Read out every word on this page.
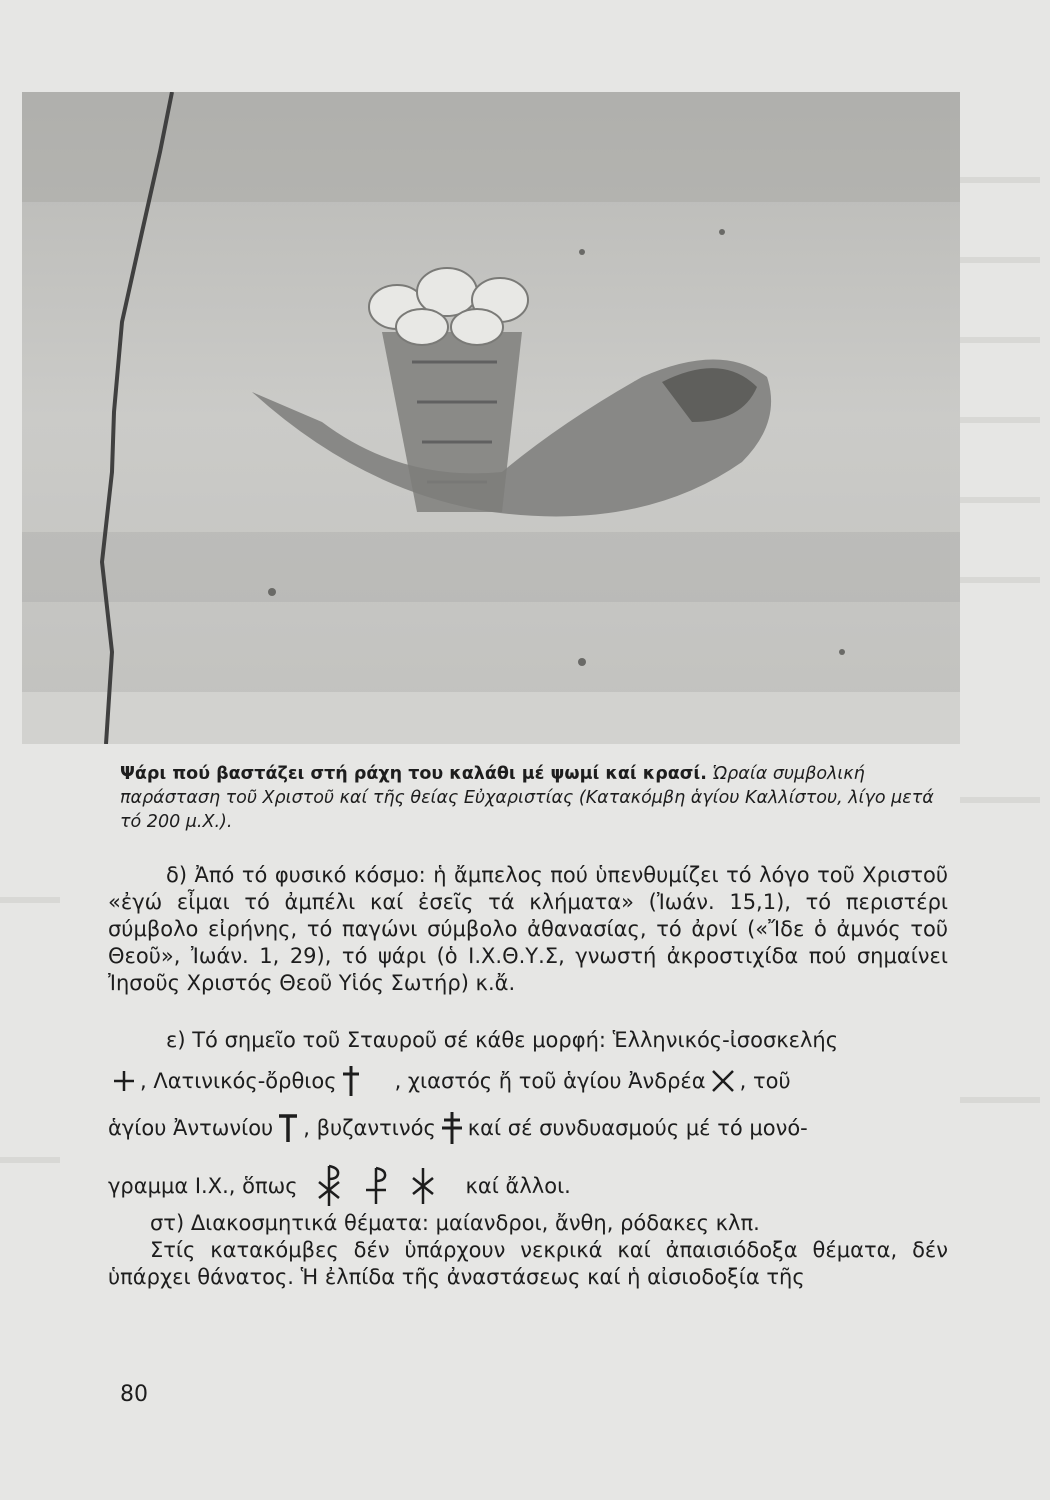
Ψάρι πού βαστάζει στή ράχη του καλάθι μέ ψωμί καί κρασί. Ὡραία συμβολική παράσταση τοῦ Χριστοῦ καί τῆς θείας Εὐχαριστίας (Κατακόμβη ἁγίου Καλλίστου, λίγο μετά τό 200 μ.Χ.).

δ) Ἀπό τό φυσικό κόσμο: ἡ ἄμπελος πού ὑπενθυμίζει τό λόγο τοῦ Χριστοῦ «ἐγώ εἶμαι τό ἀμπέλι καί ἐσεῖς τά κλήματα» (Ἰωάν. 15,1), τό περιστέρι σύμβολο εἰρήνης, τό παγώνι σύμβολο ἀθανασίας, τό ἀρνί («Ἴδε ὁ ἀμνός τοῦ Θεοῦ», Ἰωάν. 1, 29), τό ψάρι (ὁ Ι.Χ.Θ.Υ.Σ, γνωστή ἀκροστιχίδα πού σημαίνει Ἰησοῦς Χριστός Θεοῦ Υἱός Σωτήρ) κ.ἄ.

ε) Τό σημεῖο τοῦ Σταυροῦ σέ κάθε μορφή: Ἑλληνικός-ἰσοσκελής

, Λατινικός-ὄρθιος	, χιαστός ἤ τοῦ ἁγίου Ἀνδρέα , τοῦ
ἁγίου Ἀντωνίου , βυζαντινός καί σέ συνδυασμούς μέ τό μονό-
γραμμα Ι.Χ., ὅπως	καί ἄλλοι.

στ) Διακοσμητικά θέματα: μαίανδροι, ἄνθη, ρόδακες κλπ.

Στίς κατακόμβες δέν ὑπάρχουν νεκρικά καί ἀπαισιόδοξα θέματα, δέν ὑπάρχει θάνατος. Ἡ ἐλπίδα τῆς ἀναστάσεως καί ἡ αἰσιοδοξία τῆς

80
